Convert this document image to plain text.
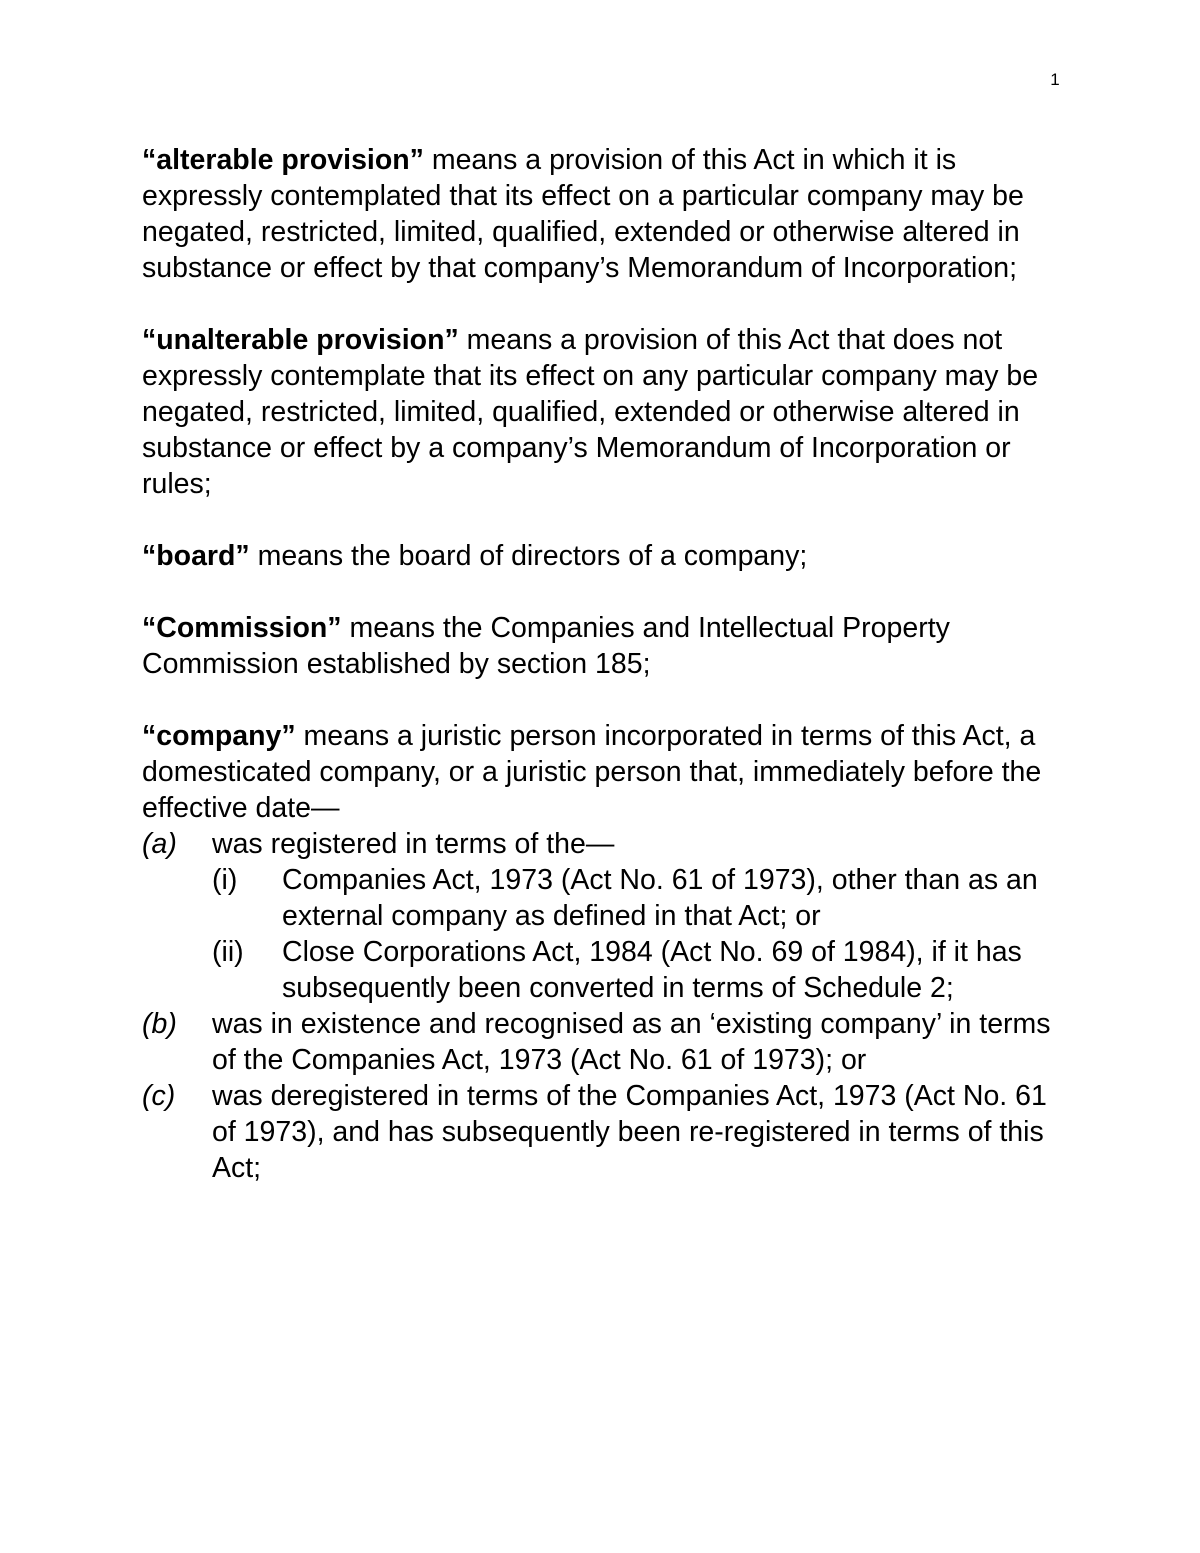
1

“alterable provision” means a provision of this Act in which it is expressly contemplated that its effect on a particular company may be negated, restricted, limited, qualified, extended or otherwise altered in substance or effect by that company’s Memorandum of Incorporation;

“unalterable provision” means a provision of this Act that does not expressly contemplate that its effect on any particular company may be negated, restricted, limited, qualified, extended or otherwise altered in substance or effect by a company’s Memorandum of Incorporation or rules;

“board” means the board of directors of a company;

“Commission” means the Companies and Intellectual Property Commission established by section 185;

“company” means a juristic person incorporated in terms of this Act, a domesticated company, or a juristic person that, immediately before the effective date—

(a) was registered in terms of the—
(i) Companies Act, 1973 (Act No. 61 of 1973), other than as an external company as defined in that Act; or
(ii) Close Corporations Act, 1984 (Act No. 69 of 1984), if it has subsequently been converted in terms of Schedule 2;
(b) was in existence and recognised as an ‘existing company’ in terms of the Companies Act, 1973 (Act No. 61 of 1973); or
(c) was deregistered in terms of the Companies Act, 1973 (Act No. 61 of 1973), and has subsequently been re-registered in terms of this Act;
